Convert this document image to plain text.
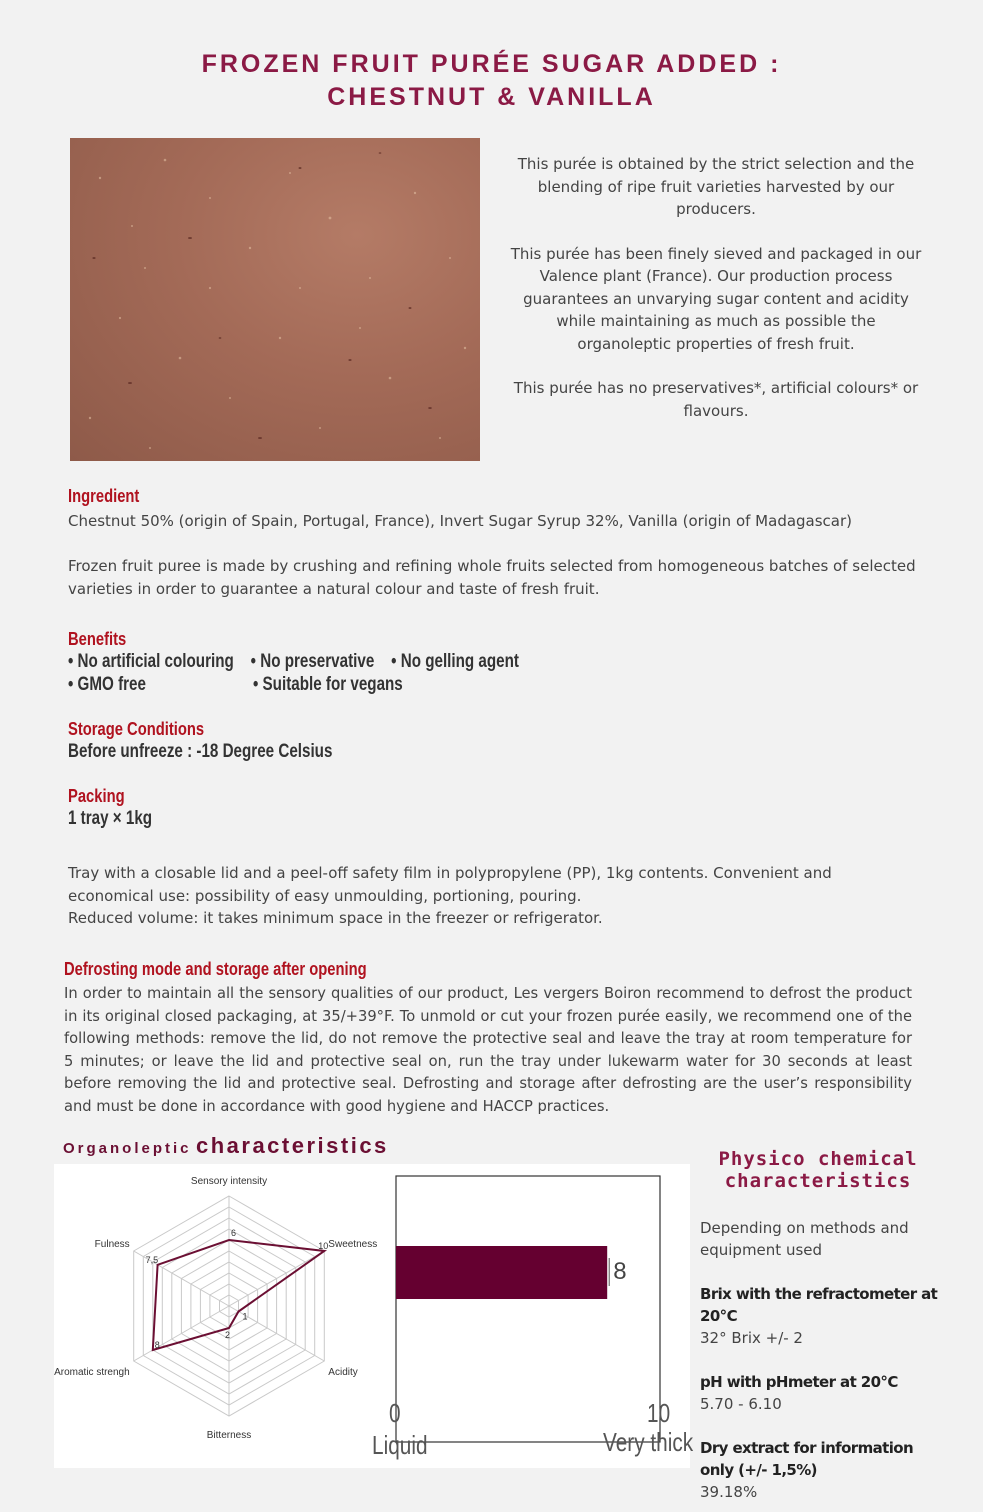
FROZEN FRUIT PURÉE SUGAR ADDED :
CHESTNUT & VANILLA

This purée is obtained by the strict selection and the blending of ripe fruit varieties harvested by our producers.

This purée has been finely sieved and packaged in our Valence plant (France). Our production process guarantees an unvarying sugar content and acidity while maintaining as much as possible the organoleptic properties of fresh fruit.

This purée has no preservatives*, artificial colours* or flavours.

Ingredient
Chestnut 50% (origin of Spain, Portugal, France), Invert Sugar Syrup 32%, Vanilla (origin of Madagascar)
Frozen fruit puree is made by crushing and refining whole fruits selected from homogeneous batches of selected varieties in order to guarantee a natural colour and taste of fresh fruit.
Benefits
• No artificial colouring    • No preservative    • No gelling agent
• GMO free	• Suitable for vegans
Storage Conditions
Before unfreeze : -18 Degree Celsius
Packing
1 tray × 1kg
Tray with a closable lid and a peel-off safety film in polypropylene (PP), 1kg contents. Convenient and economical use: possibility of easy unmoulding, portioning, pouring.
Reduced volume: it takes minimum space in the freezer or refrigerator.
Defrosting mode and storage after opening
In order to maintain all the sensory qualities of our product, Les vergers Boiron recommend to defrost the product in its original closed packaging, at 35/+39°F. To unmold or cut your frozen purée easily, we recommend one of the following methods: remove the lid, do not remove the protective seal and leave the tray at room temperature for 5 minutes; or leave the lid and protective seal on, run the tray under lukewarm water for 30 seconds at least before removing the lid and protective seal. Defrosting and storage after defrosting are the user’s responsibility and must be done in accordance with good hygiene and HACCP practices.
Organoleptic characteristics
Sensory intensity
Sweetness
Acidity
Bitterness
Aromatic strengh
Fulness
6
10
1
2
8
7,5	8
0	10
Liquid	Very thick
Physico chemical
characteristics
Depending on methods and equipment used
Brix with the refractometer at 20°C
32° Brix +/- 2
pH with pHmeter at 20°C
5.70 - 6.10
Dry extract for information only (+/- 1,5%)
39.18%
